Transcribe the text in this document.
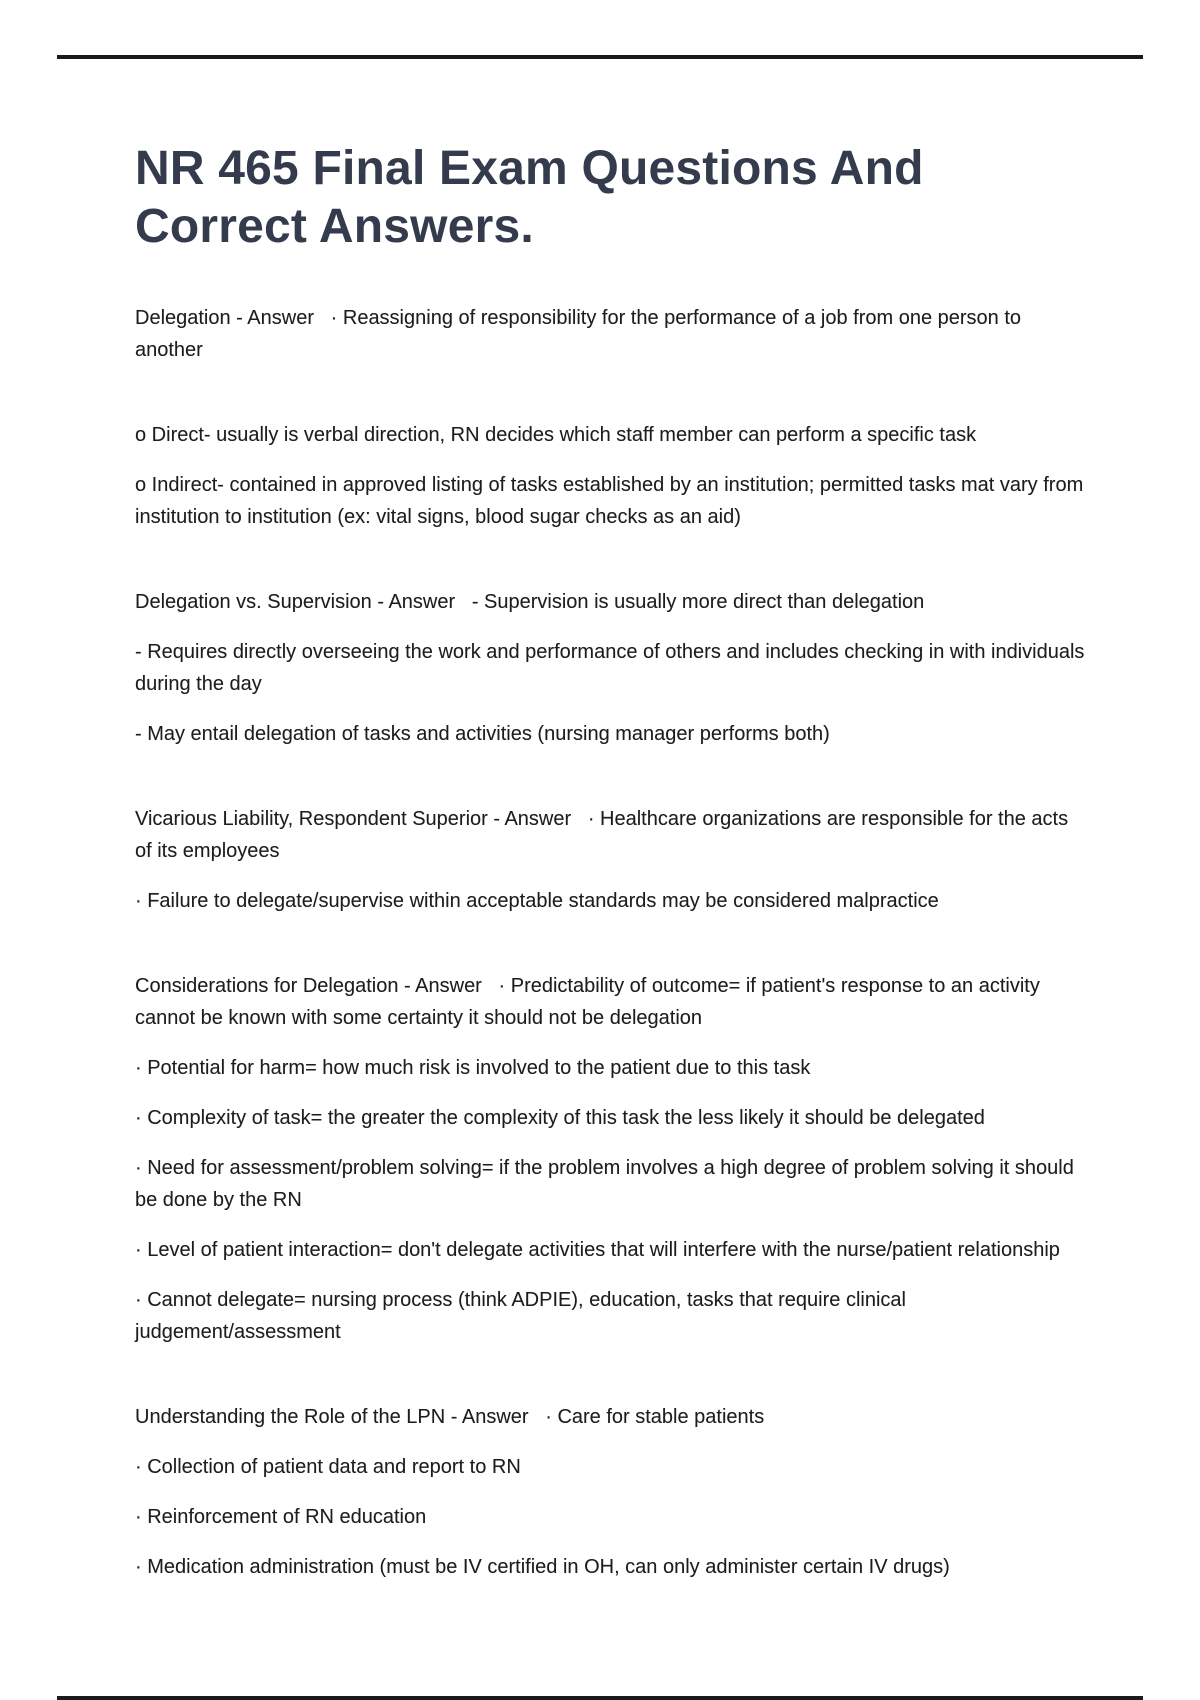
NR 465 Final Exam Questions And Correct Answers.

Delegation - Answer   · Reassigning of responsibility for the performance of a job from one person to another

o Direct- usually is verbal direction, RN decides which staff member can perform a specific task

o Indirect- contained in approved listing of tasks established by an institution; permitted tasks mat vary from institution to institution (ex: vital signs, blood sugar checks as an aid)

Delegation vs. Supervision - Answer   - Supervision is usually more direct than delegation

- Requires directly overseeing the work and performance of others and includes checking in with individuals during the day

- May entail delegation of tasks and activities (nursing manager performs both)

Vicarious Liability, Respondent Superior - Answer   · Healthcare organizations are responsible for the acts of its employees

· Failure to delegate/supervise within acceptable standards may be considered malpractice

Considerations for Delegation - Answer   · Predictability of outcome= if patient's response to an activity cannot be known with some certainty it should not be delegation

· Potential for harm= how much risk is involved to the patient due to this task

· Complexity of task= the greater the complexity of this task the less likely it should be delegated

· Need for assessment/problem solving= if the problem involves a high degree of problem solving it should be done by the RN

· Level of patient interaction= don't delegate activities that will interfere with the nurse/patient relationship

· Cannot delegate= nursing process (think ADPIE), education, tasks that require clinical judgement/assessment

Understanding the Role of the LPN - Answer   · Care for stable patients

· Collection of patient data and report to RN

· Reinforcement of RN education

· Medication administration (must be IV certified in OH, can only administer certain IV drugs)
